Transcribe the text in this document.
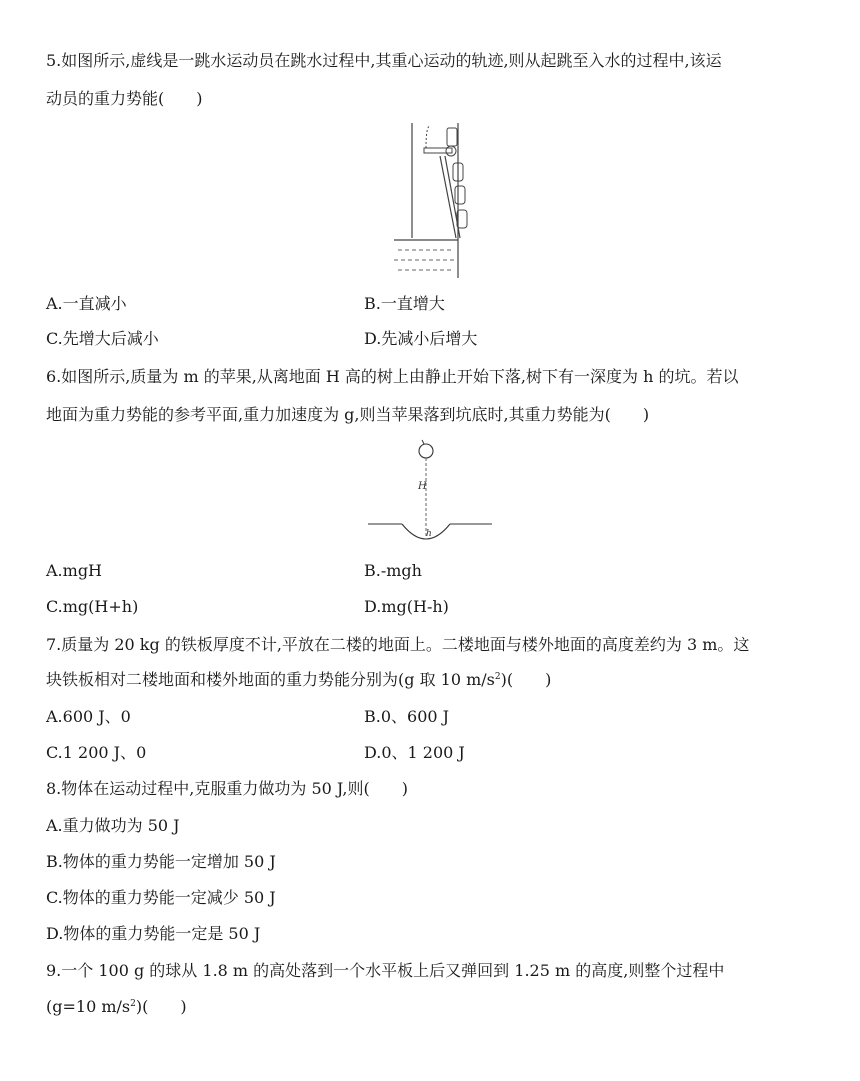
5.如图所示,虚线是一跳水运动员在跳水过程中,其重心运动的轨迹,则从起跳至入水的过程中,该运
动员的重力势能(　　)
A.一直减小	B.一直增大
C.先增大后减小	D.先减小后增大
6.如图所示,质量为 m 的苹果,从离地面 H 高的树上由静止开始下落,树下有一深度为 h 的坑。若以
地面为重力势能的参考平面,重力加速度为 g,则当苹果落到坑底时,其重力势能为(　　)
H
h
A.mgH	B.-mgh
C.mg(H+h)	D.mg(H-h)
7.质量为 20 kg 的铁板厚度不计,平放在二楼的地面上。二楼地面与楼外地面的高度差约为 3 m。这
块铁板相对二楼地面和楼外地面的重力势能分别为(g 取 10 $m/s^2$)(　　)
A.600 J、0	B.0、600 J
C.1 200 J、0	D.0、1 200 J
8.物体在运动过程中,克服重力做功为 50 J,则(　　)
A.重力做功为 50 J
B.物体的重力势能一定增加 50 J
C.物体的重力势能一定减少 50 J
D.物体的重力势能一定是 50 J
9.一个 100 g 的球从 1.8 m 的高处落到一个水平板上后又弹回到 1.25 m 的高度,则整个过程中
(g=10 $m/s^2$)(　　)
